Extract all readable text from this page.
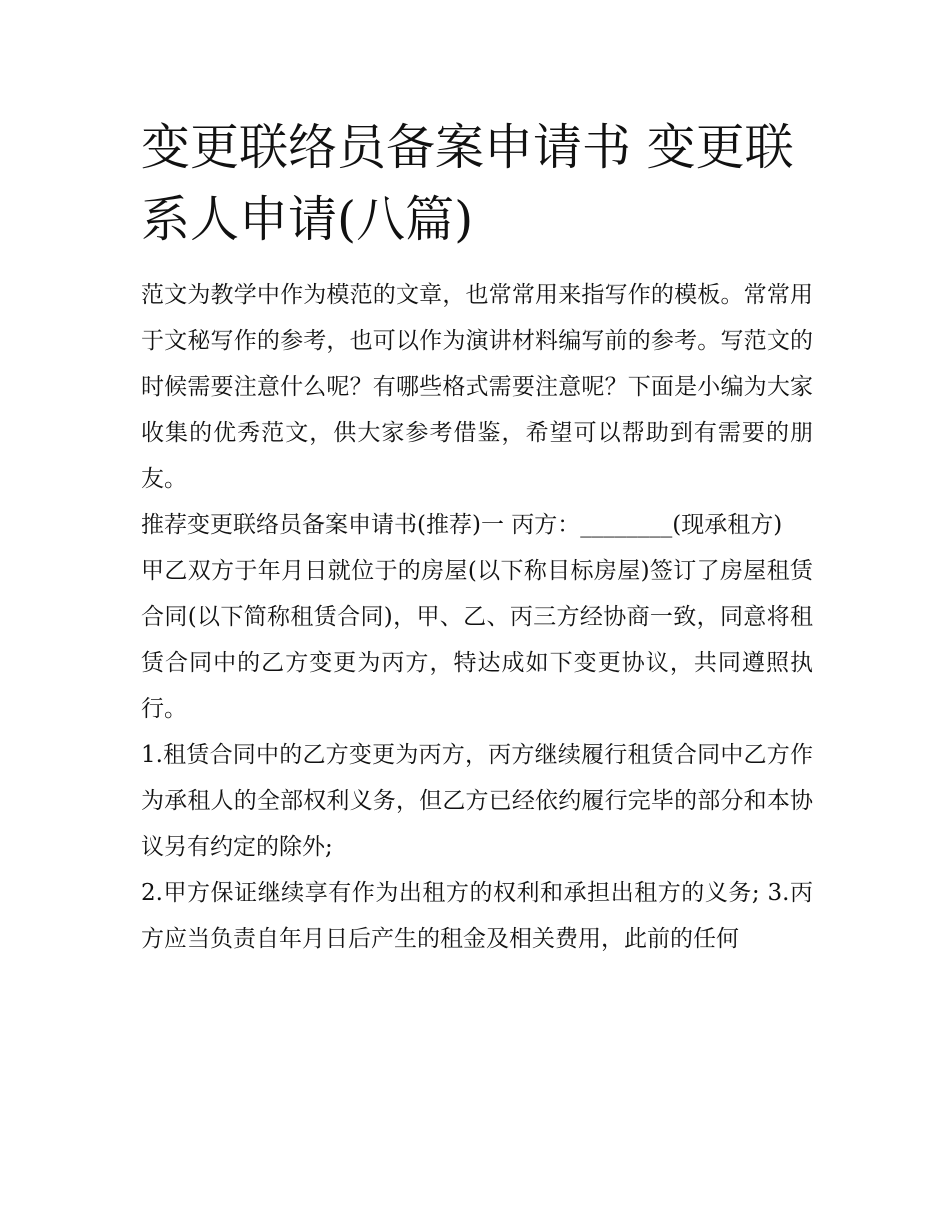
变更联络员备案申请书 变更联系人申请(八篇)

范文为教学中作为模范的文章，也常常用来指写作的模板。常常用于文秘写作的参考，也可以作为演讲材料编写前的参考。写范文的时候需要注意什么呢？有哪些格式需要注意呢？下面是小编为大家收集的优秀范文，供大家参考借鉴，希望可以帮助到有需要的朋友。

推荐变更联络员备案申请书(推荐)一 丙方：________(现承租方)

甲乙双方于年月日就位于的房屋(以下称目标房屋)签订了房屋租赁合同(以下简称租赁合同)，甲、乙、丙三方经协商一致，同意将租赁合同中的乙方变更为丙方，特达成如下变更协议，共同遵照执行。

1.租赁合同中的乙方变更为丙方，丙方继续履行租赁合同中乙方作为承租人的全部权利义务，但乙方已经依约履行完毕的部分和本协议另有约定的除外;

2.甲方保证继续享有作为出租方的权利和承担出租方的义务; 3.丙方应当负责自年月日后产生的租金及相关费用，此前的任何
